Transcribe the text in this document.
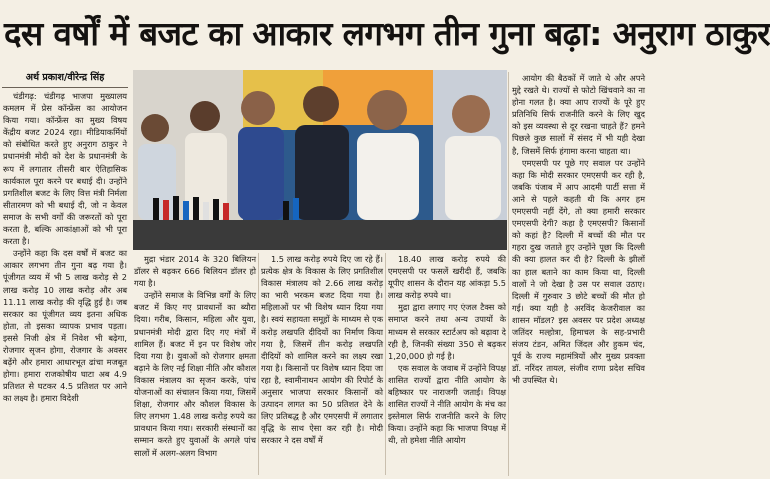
दस वर्षों में बजट का आकार लगभग तीन गुना बढ़ा: अनुराग ठाकुर
अर्थ प्रकाश/वीरेन्द्र सिंह

चंडीगढ़: चंडीगढ़ भाजपा मुख्यालय कमलम में प्रेस कॉन्फ्रेंस का आयोजन किया गया। कॉन्फ्रेंस का मुख्य विषय केंद्रीय बजट 2024 रहा। मीडियाकर्मियों को संबोधित करते हुए अनुराग ठाकुर ने प्रधानमंत्री मोदी को देश के प्रधानमंत्री के रूप में लगातार तीसरी बार ऐतिहासिक कार्यकाल पूरा करने पर बधाई दी। उन्होंने प्रगतिशील बजट के लिए वित्त मंत्री निर्मला सीतारमण को भी बधाई दी, जो न केवल समाज के सभी वर्गों की जरूरतों को पूरा करता है, बल्कि आकांक्षाओं को भी पूरा करता है।

उन्होंने कहा कि दस वर्षों में बजट का आकार लगभग तीन गुना बढ़ गया है। पूंजीगत व्यय में भी 5 लाख करोड़ से 2 लाख करोड़ 10 लाख करोड़ और अब 11.11 लाख करोड़ की वृद्धि हुई है। जब सरकार का पूंजीगत व्यय इतना अधिक होता, तो इसका व्यापक प्रभाव पड़ता। इससे निजी क्षेत्र में निवेश भी बढ़ेगा, रोजगार सृजन होगा, रोजगार के अवसर बढ़ेंगे और हमारा आधारभूत ढांचा मजबूत होगा। हमारा राजकोषीय घाटा अब 4.9 प्रतिशत से घटकर 4.5 प्रतिशत पर आने का लक्ष्य है। हमारा विदेशी

मुद्रा भंडार 2014 के 320 बिलियन डॉलर से बढ़कर 666 बिलियन डॉलर हो गया है।

उन्होंने समाज के विभिन्न वर्गों के लिए बजट में किए गए प्रावधानों का ब्यौरा दिया। गरीब, किसान, महिला और युवा, प्रधानमंत्री मोदी द्वारा दिए गए मंत्रों में शामिल हैं। बजट में इन पर विशेष जोर दिया गया है। युवाओं को रोजगार क्षमता बढ़ाने के लिए नई शिक्षा नीति और कौशल विकास मंत्रालय का सृजन करके, पांच योजनाओं का संचालन किया गया, जिसमें शिक्षा, रोजगार और कौशल विकास के लिए लगभग 1.48 लाख करोड़ रुपये का प्रावधान किया गया। सरकारी संस्थानों का सम्मान करते हुए युवाओं के अगले पांच सालों में अलग-अलग विभाग

1.5 लाख करोड़ रुपये दिए जा रहे हैं। प्रत्येक क्षेत्र के विकास के लिए प्रगतिशील विकास मंत्रालय को 2.66 लाख करोड़ का भारी भरकम बजट दिया गया है। महिलाओं पर भी विशेष ध्यान दिया गया है। स्वयं सहायता समूहों के माध्यम से एक करोड़ लखपति दीदियों का निर्माण किया गया है, जिसमें तीन करोड़ लखपति दीदियों को शामिल करने का लक्ष्य रखा गया है। किसानों पर विशेष ध्यान दिया जा रहा है, स्वामीनाथन आयोग की रिपोर्ट के अनुसार भाजपा सरकार किसानों को उत्पादन लागत का 50 प्रतिशत देने के लिए प्रतिबद्ध है और एमएसपी में लगातार वृद्धि के साथ ऐसा कर रही है। मोदी सरकार ने दस वर्षों में

18.40 लाख करोड़ रुपये की एमएसपी पर फसलें खरीदी हैं, जबकि यूपीए शासन के दौरान यह आंकड़ा 5.5 लाख करोड़ रुपये था।

मुद्रा द्वारा लगाए गए एंजल टैक्स को समाप्त करने तथा अन्य उपायों के माध्यम से सरकार स्टार्टअप को बढ़ावा दे रही है, जिनकी संख्या 350 से बढ़कर 1,20,000 हो गई है।

एक सवाल के जवाब में उन्होंने विपक्ष शासित राज्यों द्वारा नीति आयोग के बहिष्कार पर नाराजगी जताई। विपक्ष शासित राज्यों ने नीति आयोग के मंच का इस्तेमाल सिर्फ राजनीति करने के लिए किया। उन्होंने कहा कि भाजपा विपक्ष में थी, तो हमेशा नीति आयोग

आयोग की बैठकों में जाते थे और अपने मुद्दे रखते थे। राज्यों से फोटो खिंचवाने का ना होना गलत है। क्या आप राज्यों के पूरे हुए प्रतिनिधि सिर्फ राजनीति करने के लिए खुद को इस व्यवस्था से दूर रखना चाहते हैं? हमने पिछले कुछ सालों में संसद में भी यही देखा है, जिसमें सिर्फ हंगामा करना चाहता था।

एमएसपी पर पूछे गए सवाल पर उन्होंने कहा कि मोदी सरकार एमएसपी कर रही है, जबकि पंजाब में आप आदमी पार्टी सत्ता में आने से पहले कहती थी कि अगर हम एमएसपी नहीं देंगे, तो क्या हमारी सरकार एमएसपी देगी? कहा है एमएसपी? किसानों को कहां है? दिल्ली में बच्चों की मौत पर गहरा दुख जताते हुए उन्होंने पूछा कि दिल्ली की क्या हालत कर दी है? दिल्ली के झीलों का हाल बताने का काम किया था, दिल्ली वालों ने जो देखा है उस पर सवाल उठाए। दिल्ली में गुरुवार 3 छोटे बच्चों की मौत हो गई। क्या यही है अरविंद केजरीवाल का शासन मॉडल? इस अवसर पर प्रदेश अध्यक्ष जतिंदर मल्होत्रा, हिमाचल के सह-प्रभारी संजय टंडन, अमित जिंदल और हुकम चंद, पूर्व के राज्य महामंत्रियों और मुख्य प्रवक्ता डॉ. नरिंदर तायल, संजीव राणा प्रदेश सचिव भी उपस्थित थे।
